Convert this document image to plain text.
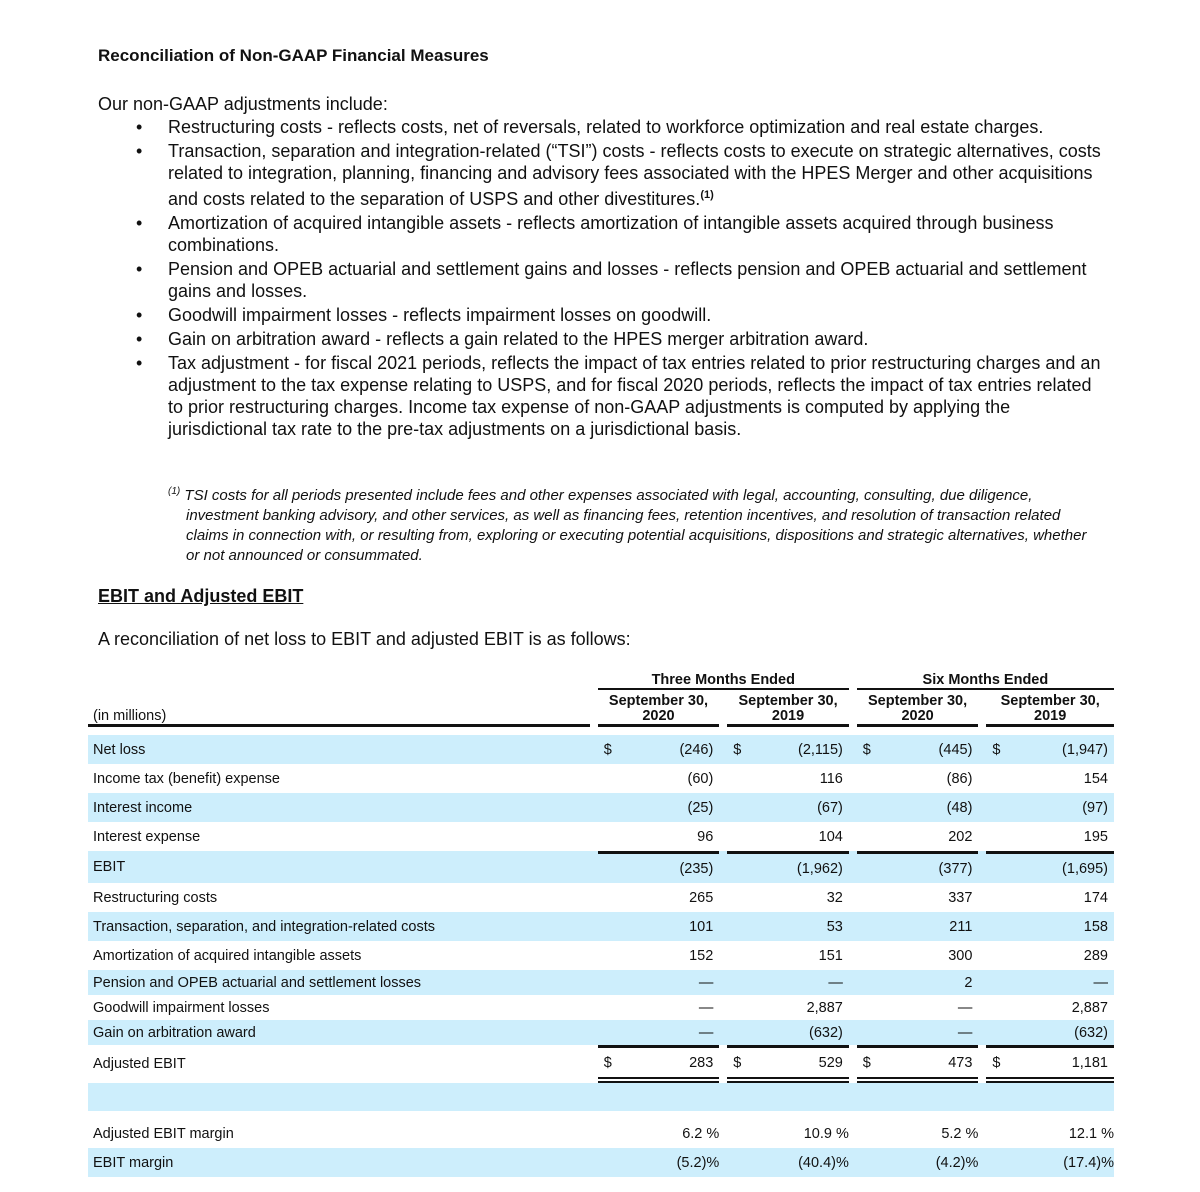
Reconciliation of Non-GAAP Financial Measures
Our non-GAAP adjustments include:
• Restructuring costs - reflects costs, net of reversals, related to workforce optimization and real estate charges.
• Transaction, separation and integration-related (“TSI”) costs - reflects costs to execute on strategic alternatives, costs related to integration, planning, financing and advisory fees associated with the HPES Merger and other acquisitions and costs related to the separation of USPS and other divestitures.$^{(1)}$
• Amortization of acquired intangible assets - reflects amortization of intangible assets acquired through business combinations.
• Pension and OPEB actuarial and settlement gains and losses - reflects pension and OPEB actuarial and settlement gains and losses.
• Goodwill impairment losses - reflects impairment losses on goodwill.
• Gain on arbitration award - reflects a gain related to the HPES merger arbitration award.
• Tax adjustment - for fiscal 2021 periods, reflects the impact of tax entries related to prior restructuring charges and an adjustment to the tax expense relating to USPS, and for fiscal 2020 periods, reflects the impact of tax entries related to prior restructuring charges. Income tax expense of non-GAAP adjustments is computed by applying the jurisdictional tax rate to the pre-tax adjustments on a jurisdictional basis.
$^{(1)}$ TSI costs for all periods presented include fees and other expenses associated with legal, accounting, consulting, due diligence, investment banking advisory, and other services, as well as financing fees, retention incentives, and resolution of transaction related claims in connection with, or resulting from, exploring or executing potential acquisitions, dispositions and strategic alternatives, whether or not announced or consummated.
EBIT and Adjusted EBIT
A reconciliation of net loss to EBIT and adjusted EBIT is as follows:
		Three Months Ended				Six Months Ended		

(in millions)		
September 30,
2020

September 30,
2019

September 30,
2020

September 30,
2019

Net loss		$ (246)		$ (2,115)		$ (445)		$ (1,947)

Income tax (benefit) expense		(60)		116		(86)		154

Interest income		(25)		(67)		(48)		(97)

Interest expense		96		104		202		195

EBIT		(235)		(1,962)		(377)		(1,695)

Restructuring costs		265		32		337		174

Transaction, separation, and integration-related costs		101		53		211		158

Amortization of acquired intangible assets		152		151		300		289

Pension and OPEB actuarial and settlement losses		—		—		2		—

Goodwill impairment losses		—		2,887		—		2,887

Gain on arbitration award		—		(632)		—		(632)

Adjusted EBIT		$ 283		$ 529		$ 473		$ 1,181

Adjusted EBIT margin		6.2 %		10.9 %		5.2 %		12.1 %

EBIT margin		(5.2)%		(40.4)%		(4.2)%		(17.4)%
